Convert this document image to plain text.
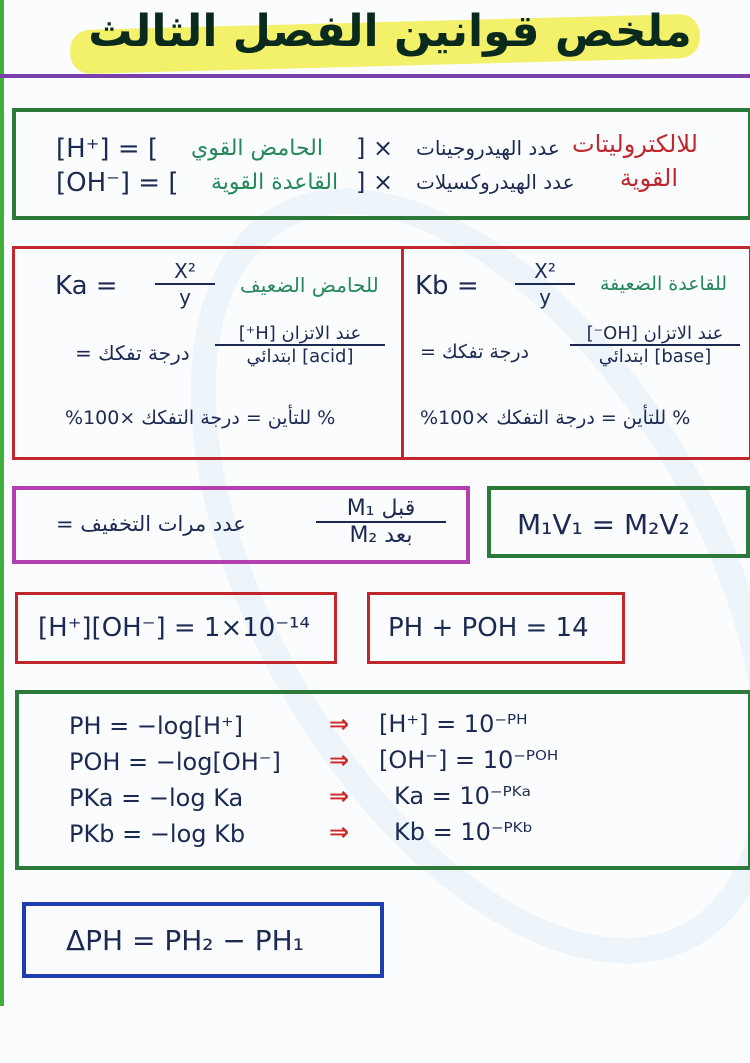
ملخص قوانين الفصل الثالث
للالكتروليتات
القوية
[H⁺] = [ الحامض القوي ] × عدد الهيدروجينات
[OH⁻] = [ القاعدة القوية ] × عدد الهيدروكسيلات
$Ka = \frac{\text{X²}}{y}$ للحامض الضعيف
درجة تفكك =
عند الاتزان [H⁺]
[acid] ابتدائي
% للتأين = درجة التفكك ×100%
$Kb = \frac{\text{X²}}{y}$ للقاعدة الضعيفة
درجة تفكك =
عند الاتزان [OH⁻]
[base] ابتدائي
% للتأين = درجة التفكك ×100%
عدد مرات التخفيف =
M₁ قبل
M₂ بعد	M₁V₁ = M₂V₂
[H⁺][OH⁻] = 1×10⁻¹⁴	PH + POH = 14
PH = −log[H⁺]	⇒ [H⁺] = 10⁻ᴾᴴ
POH = −log[OH⁻] ⇒ [OH⁻] = 10⁻ᴾᴼᴴ
PKa = −log Ka	⇒ Ka = 10⁻ᴾᴷᵃ
PKb = −log Kb	⇒ Kb = 10⁻ᴾᴷᵇ
ΔPH = PH₂ − PH₁
